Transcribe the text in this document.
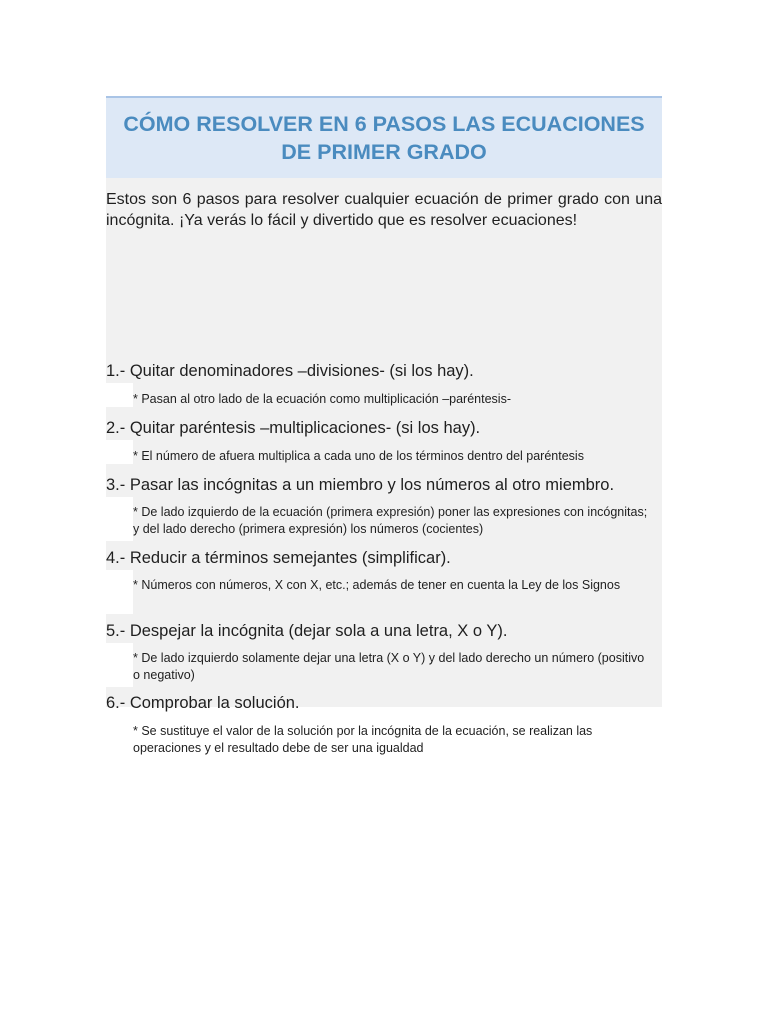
CÓMO RESOLVER EN 6 PASOS LAS ECUACIONES DE PRIMER GRADO

Estos son 6 pasos para resolver cualquier ecuación de primer grado con una incógnita. ¡Ya verás lo fácil y divertido que es resolver ecuaciones!

1.- Quitar denominadores –divisiones- (si los hay).
* Pasan al otro lado de la ecuación como multiplicación –paréntesis-
2.- Quitar paréntesis –multiplicaciones- (si los hay).
* El número de afuera multiplica a cada uno de los términos dentro del paréntesis
3.- Pasar las incógnitas a un miembro y los números al otro miembro.
* De lado izquierdo de la ecuación (primera expresión) poner las expresiones con incógnitas; y del lado derecho (primera expresión) los números (cocientes)
4.- Reducir a términos semejantes (simplificar).
* Números con números, X con X, etc.; además de tener en cuenta la Ley de los Signos
5.- Despejar la incógnita (dejar sola a una letra, X o Y).
* De lado izquierdo solamente dejar una letra (X o Y) y del lado derecho un número (positivo o negativo)
6.- Comprobar la solución.
* Se sustituye el valor de la solución por la incógnita de la ecuación, se realizan las operaciones y el resultado debe de ser una igualdad
